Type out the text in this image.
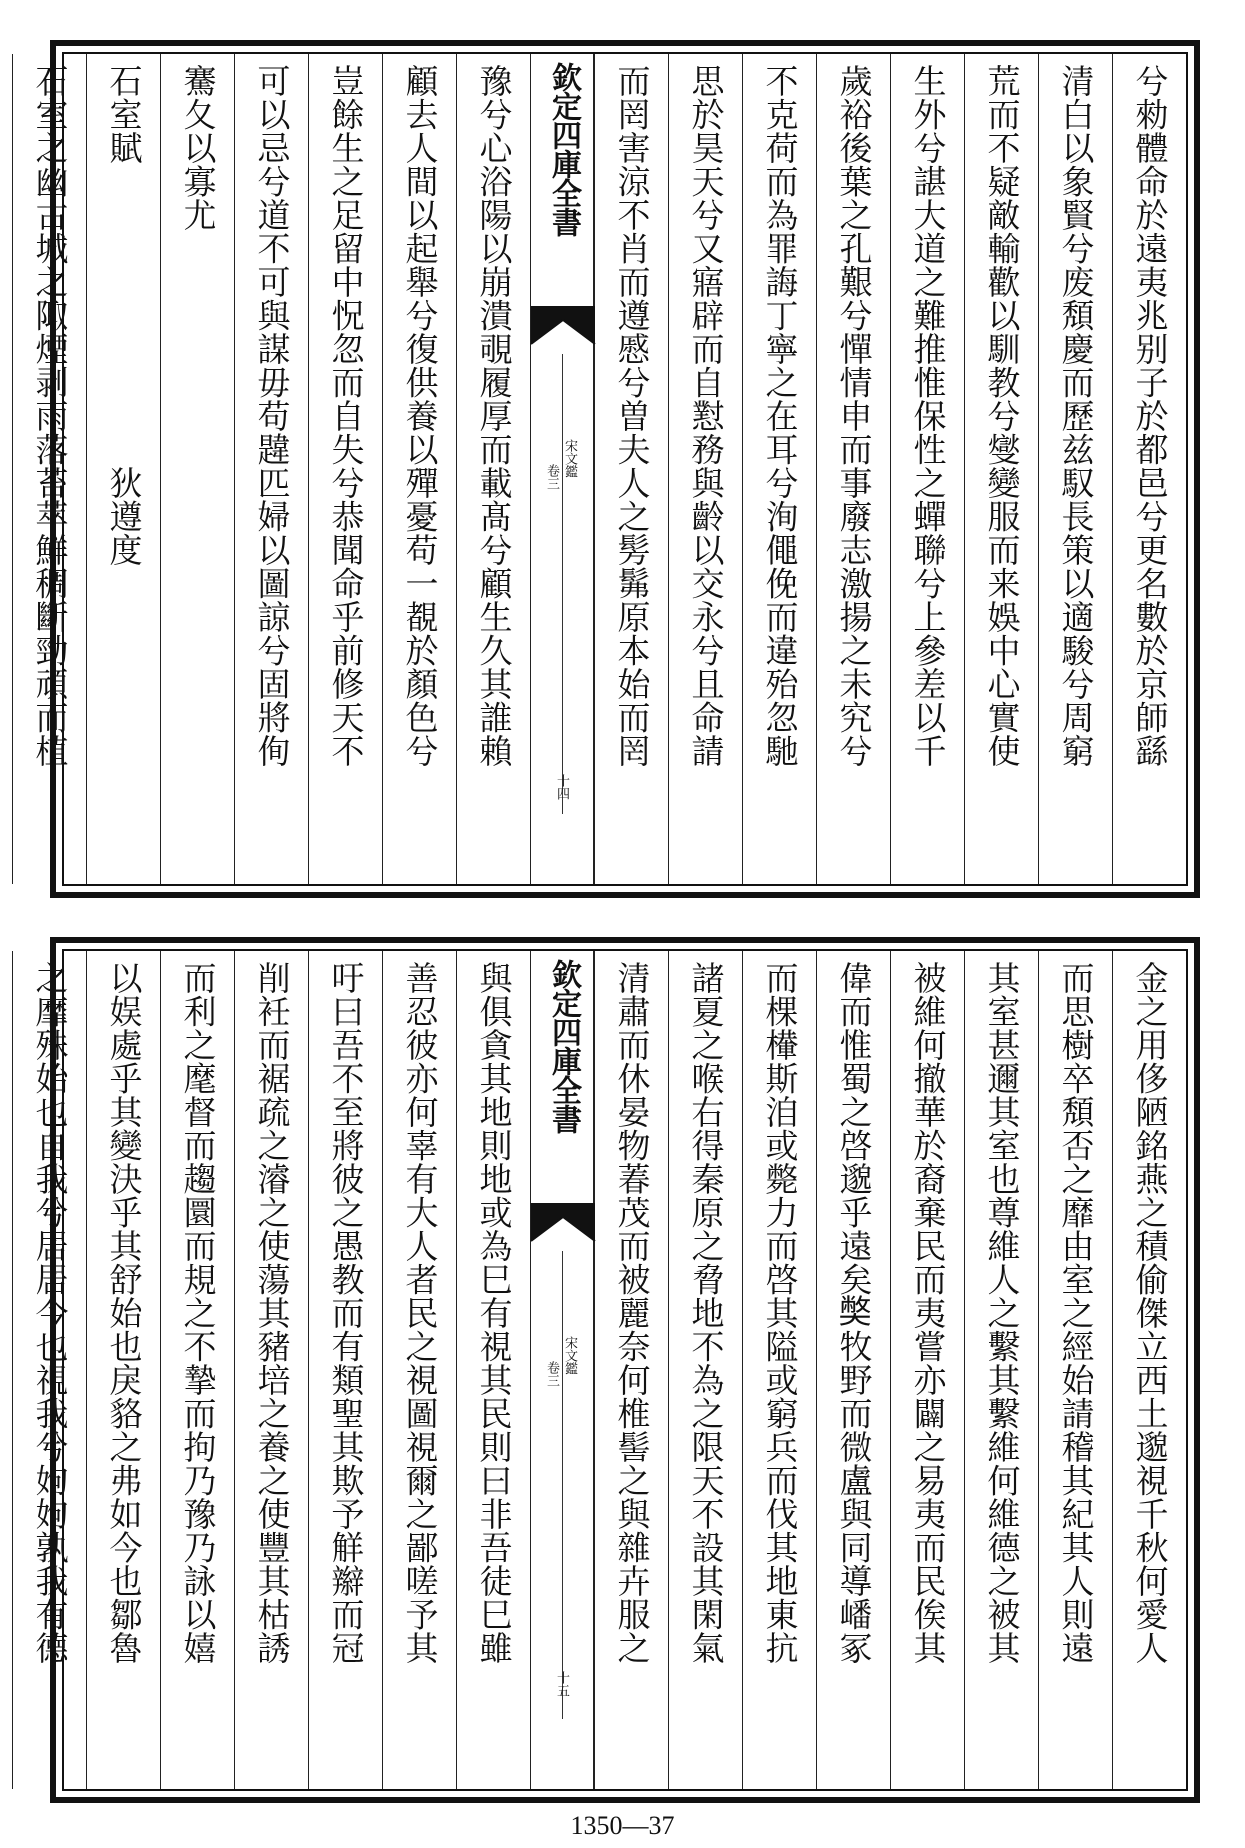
兮勑體命於遠夷兆别子於都邑兮更名數於京師繇
清白以象賢兮废頽慶而歷兹馭長策以適駿兮周窮
荒而不疑敵輸歡以馴教兮燮變服而来娛中心實使
生外兮諶大道之難推惟保性之蟬聯兮上參差以千
歲裕後葉之孔艱兮憚情申而事廢志激揚之未究兮
不克荷而為罪誨丁寧之在耳兮洵僶俛而違殆忽馳
思於昊天兮又寤辟而自懟務與齡以交永兮且命請
而罔害涼不肖而遵慼兮曽夫人之髣髴原本始而罔
欽定四庫全書
宋文鑑
卷三
十四
豫兮心浴陽以崩潰覗履厚而載髙兮顧生久其誰賴
顧去人間以起舉兮復供養以殫憂苟一覩於顏色兮
豈餘生之足留中怳忽而自失兮恭聞命乎前修天不
可以忌兮道不可與謀毋苟韙匹婦以圖諒兮固將侚
騫夂以寡尤
石室賦　　　　　　　　　狄遵度
石室之幽古城之陬煙剥雨落苔萃鮮稠斷勁頑而植
金之用侈陋銘燕之積偷傑立西土邈視千秋何愛人
而思樹卒頽否之靡由室之經始請稽其紀其人則遠
其室甚邇其室也尊維人之繫其繫維何維德之被其
被維何撤華於裔棄民而夷嘗亦闢之易夷而民俟其
偉而惟蜀之啓邈乎遠矣𡚁牧野而微盧與同導嶓冢
而棵檋斯洎或斃力而啓其隘或窮兵而伐其地東抗
諸夏之喉右得秦原之脅地不為之限天不設其閑氣
清肅而休晏物萶茂而被麗奈何椎髻之與雜卉服之
欽定四庫全書
宋文鑑
卷三
十五
與俱貪其地則地或為巳有視其民則曰非吾徒巳雖
善忍彼亦何辜有大人者民之視圖視爾之鄙嗟予其
吁曰吾不至將彼之愚教而有類聖其欺予觧辮而冠
削衽而裾疏之濬之使蕩其豬培之養之使豐其枯誘
而利之麾督而趨圜而規之不摯而拘乃豫乃詠以嬉
以娱處乎其變決乎其舒始也戾貉之弗如今也鄒魯
之靡殊始也自我兮居居今也視我兮姁姁孰我有德
1350—37
